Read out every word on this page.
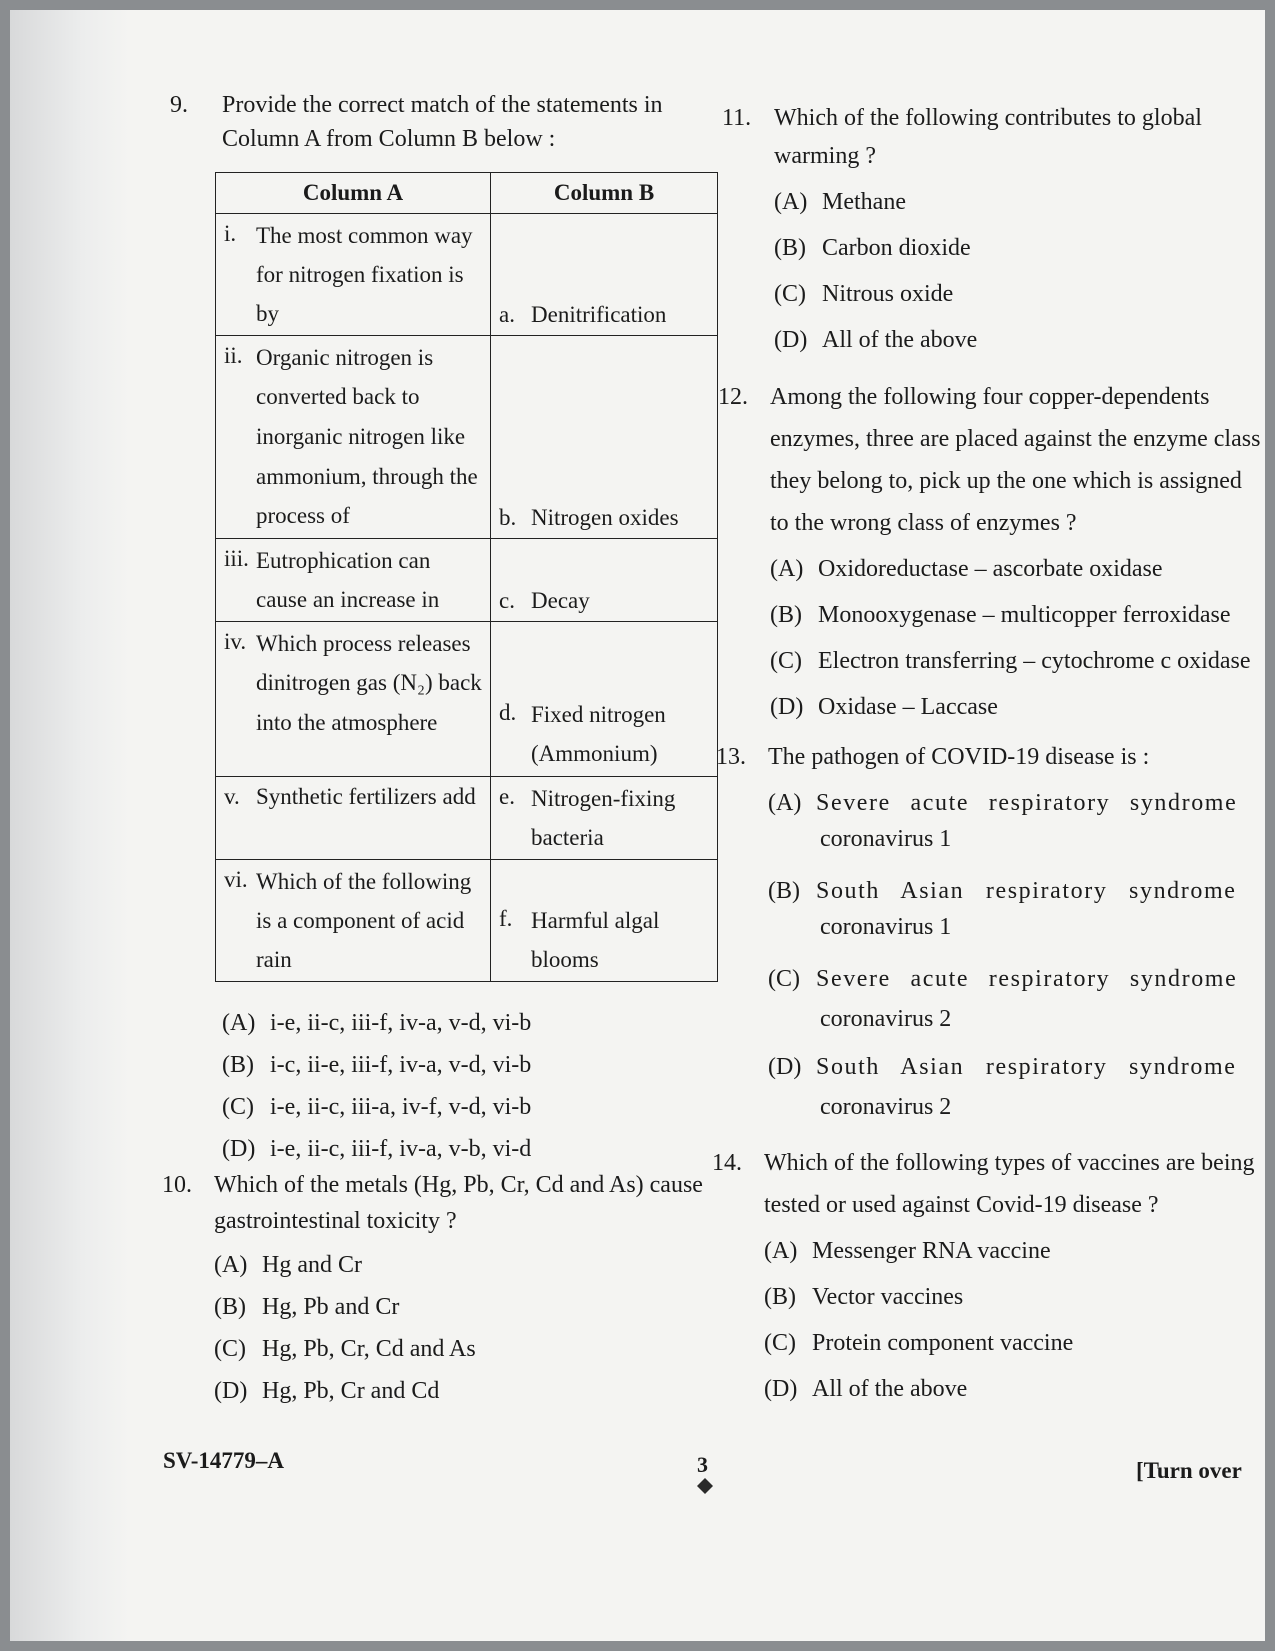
9. Provide the correct match of the statements in
Column A from Column B below :
Column A	Column B

i. The most common way for nitrogen fixation is by	a. Denitrification

ii. Organic nitrogen is converted back to inorganic nitrogen like ammonium, through the process of	b. Nitrogen oxides

iii. Eutrophication can cause an increase in	c. Decay

iv. Which process releases dinitrogen gas (N₂) back into the atmosphere	d. Fixed nitrogen (Ammonium)

v. Synthetic fertilizers add	e. Nitrogen-fixing bacteria

vi. Which of the following is a component of acid rain	f. Harmful algal blooms
(A) i-e, ii-c, iii-f, iv-a, v-d, vi-b
(B) i-c, ii-e, iii-f, iv-a, v-d, vi-b
(C) i-e, ii-c, iii-a, iv-f, v-d, vi-b
(D) i-e, ii-c, iii-f, iv-a, v-b, vi-d
10. Which of the metals (Hg, Pb, Cr, Cd and As) cause
gastrointestinal toxicity ?
(A) Hg and Cr
(B) Hg, Pb and Cr
(C) Hg, Pb, Cr, Cd and As
(D) Hg, Pb, Cr and Cd
11. Which of the following contributes to global
warming ?
(A) Methane
(B) Carbon dioxide
(C) Nitrous oxide
(D) All of the above
12. Among the following four copper-dependents
enzymes, three are placed against the enzyme class
they belong to, pick up the one which is assigned
to the wrong class of enzymes ?
(A) Oxidoreductase – ascorbate oxidase
(B) Monooxygenase – multicopper ferroxidase
(C) Electron transferring – cytochrome c oxidase
(D) Oxidase – Laccase
13. The pathogen of COVID-19 disease is :
(A) Severe acute respiratory syndrome
coronavirus 1
(B) South Asian respiratory syndrome
coronavirus 1
(C) Severe acute respiratory syndrome
coronavirus 2
(D) South Asian respiratory syndrome
coronavirus 2
14. Which of the following types of vaccines are being
tested or used against Covid-19 disease ?
(A) Messenger RNA vaccine
(B) Vector vaccines
(C) Protein component vaccine
(D) All of the above
SV-14779–A	3	[Turn over
